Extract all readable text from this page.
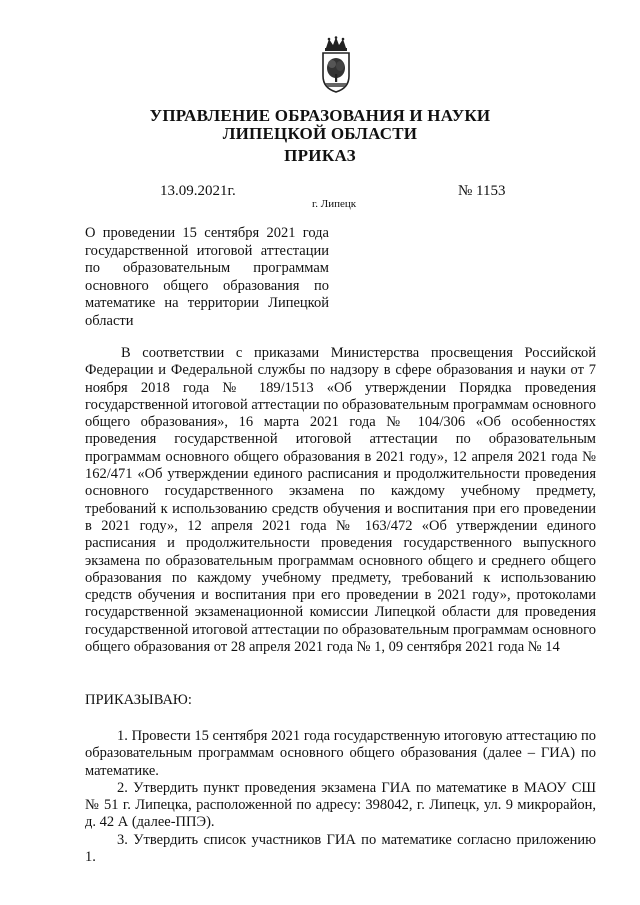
УПРАВЛЕНИЕ ОБРАЗОВАНИЯ И НАУКИ
ЛИПЕЦКОЙ ОБЛАСТИ
ПРИКАЗ
13.09.2021г.
г. Липецк
№ 1153
О проведении 15 сентября 2021 года государственной итоговой аттестации по образовательным программам основного общего образования по математике на территории Липецкой области

В соответствии с приказами Министерства просвещения Российской Федерации и Федеральной службы по надзору в сфере образования и науки от 7 ноября 2018 года № 189/1513 «Об утверждении Порядка проведения государственной итоговой аттестации по образовательным программам основного общего образования», 16 марта 2021 года № 104/306 «Об особенностях проведения государственной итоговой аттестации по образовательным программам основного общего образования в 2021 году», 12 апреля 2021 года № 162/471 «Об утверждении единого расписания и продолжительности проведения основного государственного экзамена по каждому учебному предмету, требований к использованию средств обучения и воспитания при его проведении в 2021 году», 12 апреля 2021 года № 163/472 «Об утверждении единого расписания и продолжительности проведения государственного выпускного экзамена по образовательным программам основного общего и среднего общего образования по каждому учебному предмету, требований к использованию средств обучения и воспитания при его проведении в 2021 году», протоколами государственной экзаменационной комиссии Липецкой области для проведения государственной итоговой аттестации по образовательным программам основного общего образования от 28 апреля 2021 года № 1, 09 сентября 2021 года № 14

ПРИКАЗЫВАЮ:

1. Провести 15 сентября 2021 года государственную итоговую аттестацию по образовательным программам основного общего образования (далее – ГИА) по математике.

2. Утвердить пункт проведения экзамена ГИА по математике в МАОУ СШ № 51 г. Липецка, расположенной по адресу: 398042, г. Липецк, ул. 9 микрорайон, д. 42 А (далее-ППЭ).

3. Утвердить список участников ГИА по математике согласно приложению 1.
